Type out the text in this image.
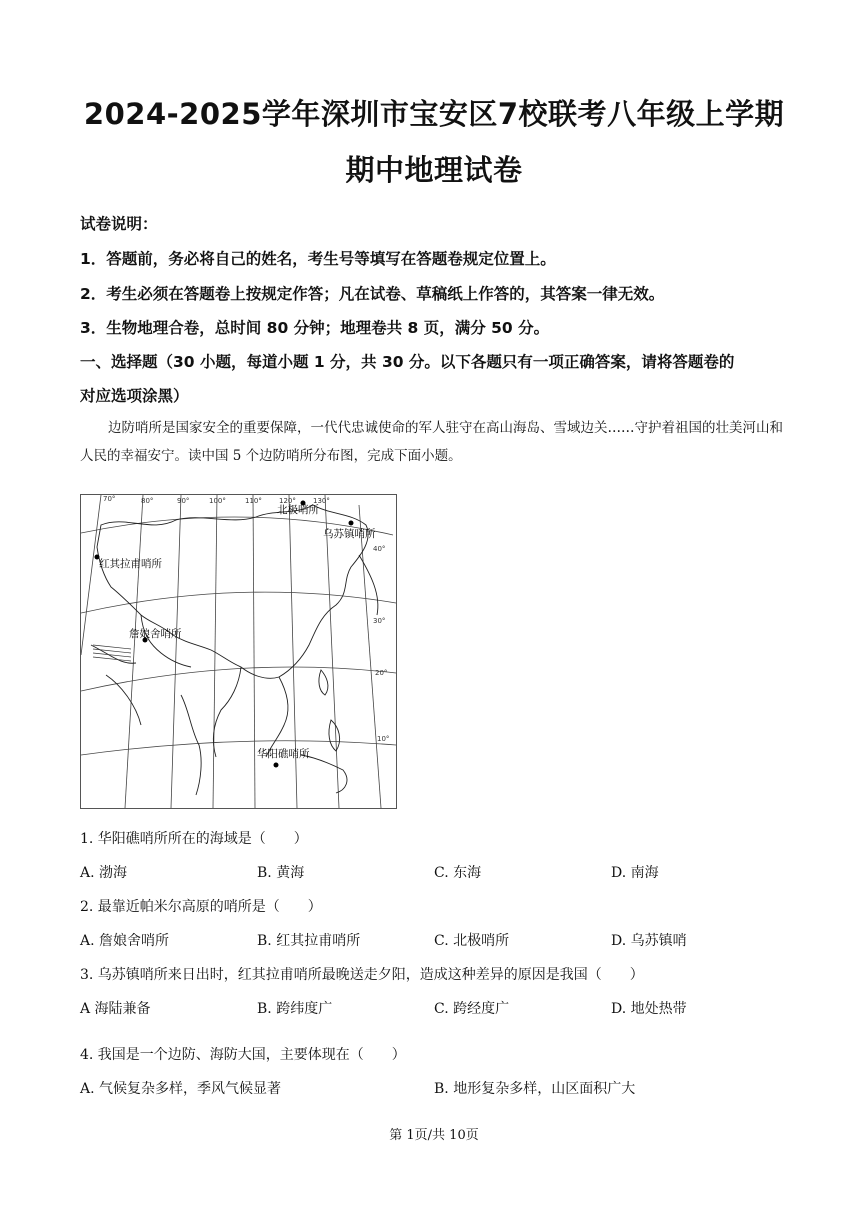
2024-2025学年深圳市宝安区7校联考八年级上学期
期中地理试卷
试卷说明：
1．答题前，务必将自己的姓名，考生号等填写在答题卷规定位置上。
2．考生必须在答题卷上按规定作答；凡在试卷、草稿纸上作答的，其答案一律无效。
3．生物地理合卷，总时间 80 分钟；地理卷共 8 页，满分 50 分。
一、选择题（30 小题，每道小题 1 分，共 30 分。以下各题只有一项正确答案，请将答题卷的
对应选项涂黑）
边防哨所是国家安全的重要保障，一代代忠诚使命的军人驻守在高山海岛、雪域边关……守护着祖国的壮美河山和人民的幸福安宁。读中国 5 个边防哨所分布图，完成下面小题。
70°	80°	90°	100°	110° 120° 130°
40°
30°
20°
10°
北极哨所
乌苏镇哨所
红其拉甫哨所
詹娘舍哨所
华阳礁哨所
1. 华阳礁哨所所在的海域是（　　）
A. 渤海	B. 黄海	C. 东海	D. 南海
2. 最靠近帕米尔高原的哨所是（　　）
A. 詹娘舍哨所	B. 红其拉甫哨所	C. 北极哨所	D. 乌苏镇哨
3. 乌苏镇哨所来日出时，红其拉甫哨所最晚送走夕阳，造成这种差异的原因是我国（　　）
A 海陆兼备	B. 跨纬度广	C. 跨经度广	D. 地处热带
4. 我国是一个边防、海防大国，主要体现在（　　）
A. 气候复杂多样，季风气候显著	B. 地形复杂多样，山区面积广大
第 1页/共 10页
